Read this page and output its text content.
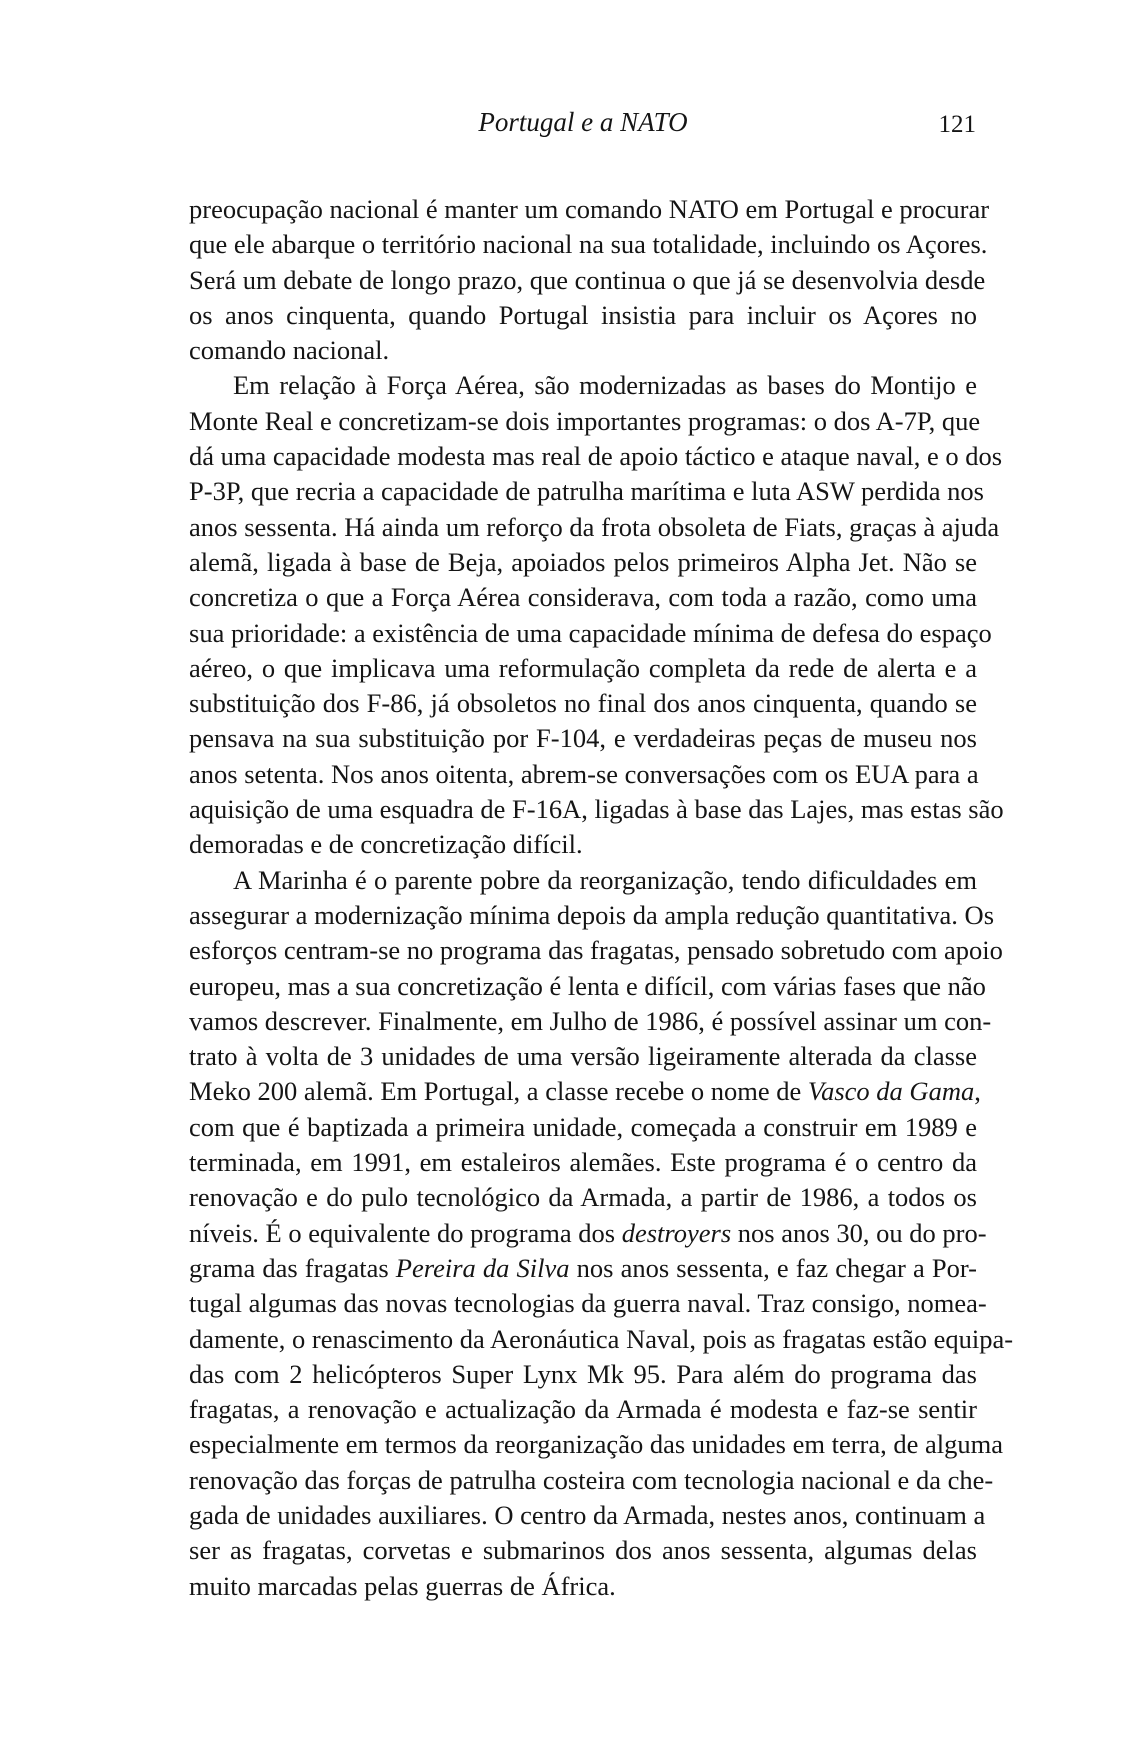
Portugal e a NATO	121
preocupação nacional é manter um comando NATO em Portugal e procurar
que ele abarque o território nacional na sua totalidade, incluindo os Açores.
Será um debate de longo prazo, que continua o que já se desenvolvia desde
os anos cinquenta, quando Portugal insistia para incluir os Açores no
comando nacional.
Em relação à Força Aérea, são modernizadas as bases do Montijo e
Monte Real e concretizam-se dois importantes programas: o dos A-7P, que
dá uma capacidade modesta mas real de apoio táctico e ataque naval, e o dos
P-3P, que recria a capacidade de patrulha marítima e luta ASW perdida nos
anos sessenta. Há ainda um reforço da frota obsoleta de Fiats, graças à ajuda
alemã, ligada à base de Beja, apoiados pelos primeiros Alpha Jet. Não se
concretiza o que a Força Aérea considerava, com toda a razão, como uma
sua prioridade: a existência de uma capacidade mínima de defesa do espaço
aéreo, o que implicava uma reformulação completa da rede de alerta e a
substituição dos F-86, já obsoletos no final dos anos cinquenta, quando se
pensava na sua substituição por F-104, e verdadeiras peças de museu nos
anos setenta. Nos anos oitenta, abrem-se conversações com os EUA para a
aquisição de uma esquadra de F-16A, ligadas à base das Lajes, mas estas são
demoradas e de concretização difícil.
A Marinha é o parente pobre da reorganização, tendo dificuldades em
assegurar a modernização mínima depois da ampla redução quantitativa. Os
esforços centram-se no programa das fragatas, pensado sobretudo com apoio
europeu, mas a sua concretização é lenta e difícil, com várias fases que não
vamos descrever. Finalmente, em Julho de 1986, é possível assinar um con-
trato à volta de 3 unidades de uma versão ligeiramente alterada da classe
Meko 200 alemã. Em Portugal, a classe recebe o nome de Vasco da Gama,
com que é baptizada a primeira unidade, começada a construir em 1989 e
terminada, em 1991, em estaleiros alemães. Este programa é o centro da
renovação e do pulo tecnológico da Armada, a partir de 1986, a todos os
níveis. É o equivalente do programa dos destroyers nos anos 30, ou do pro-
grama das fragatas Pereira da Silva nos anos sessenta, e faz chegar a Por-
tugal algumas das novas tecnologias da guerra naval. Traz consigo, nomea-
damente, o renascimento da Aeronáutica Naval, pois as fragatas estão equipa-
das com 2 helicópteros Super Lynx Mk 95. Para além do programa das
fragatas, a renovação e actualização da Armada é modesta e faz-se sentir
especialmente em termos da reorganização das unidades em terra, de alguma
renovação das forças de patrulha costeira com tecnologia nacional e da che-
gada de unidades auxiliares. O centro da Armada, nestes anos, continuam a
ser as fragatas, corvetas e submarinos dos anos sessenta, algumas delas
muito marcadas pelas guerras de África.
